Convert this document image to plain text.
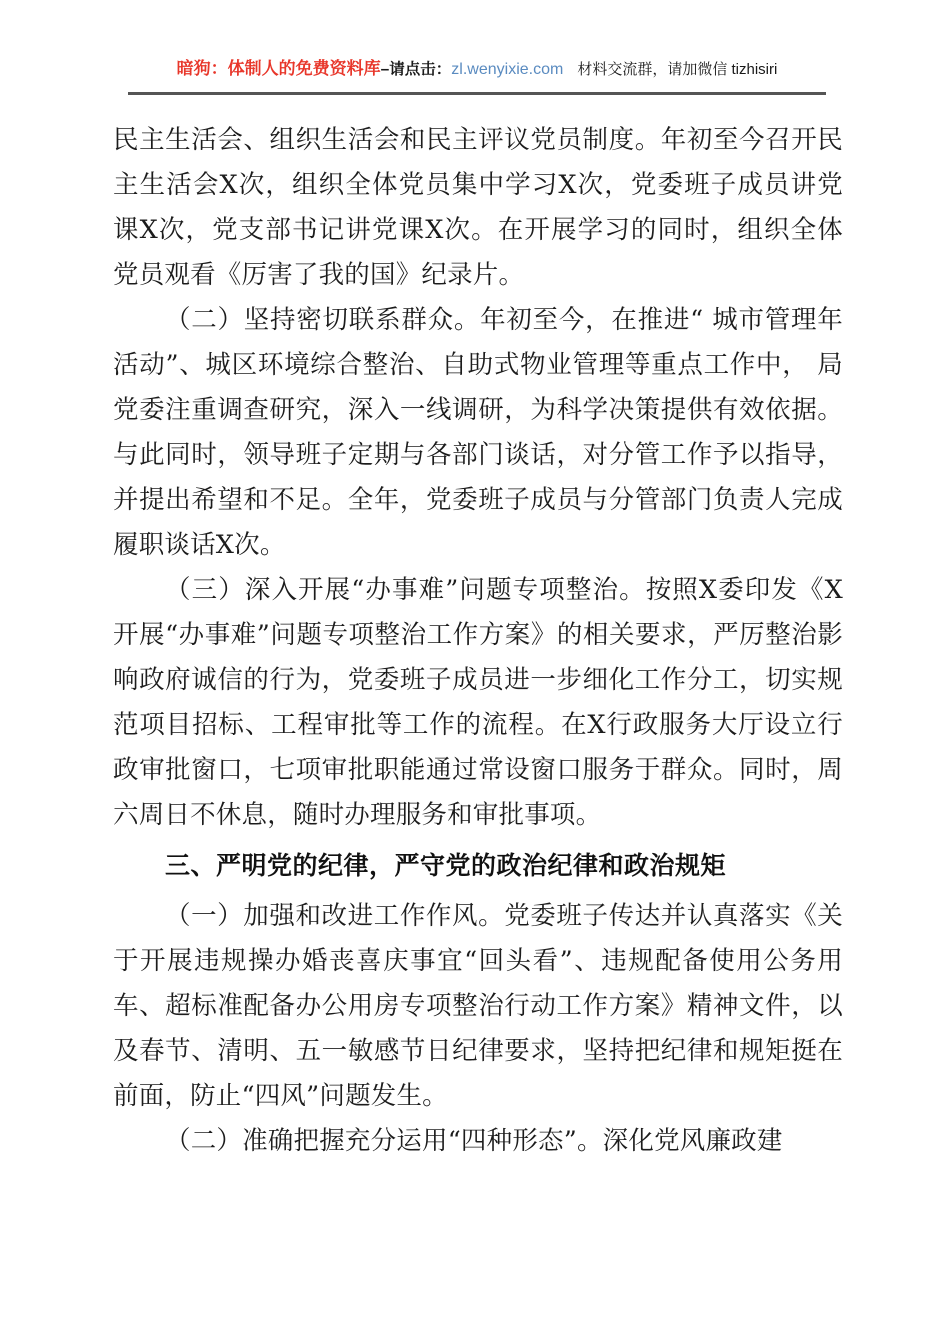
暗狗：体制人的免费资料库–请点击：zl.wenyixie.com 材料交流群，请加微信 tizhisiri

民主生活会、组织生活会和民主评议党员制度。年初至今召开民主生活会X次，组织全体党员集中学习X次，党委班子成员讲党课X次，党支部书记讲党课X次。在开展学习的同时，组织全体党员观看《厉害了我的国》纪录片。

（二）坚持密切联系群众。年初至今，在推进“ 城市管理年活动”、城区环境综合整治、自助式物业管理等重点工作中， 局党委注重调查研究，深入一线调研，为科学决策提供有效依据。与此同时，领导班子定期与各部门谈话，对分管工作予以指导，并提出希望和不足。全年，党委班子成员与分管部门负责人完成履职谈话X次。

（三）深入开展“办事难”问题专项整治。按照X委印发《X开展“办事难”问题专项整治工作方案》的相关要求，严厉整治影响政府诚信的行为，党委班子成员进一步细化工作分工，切实规范项目招标、工程审批等工作的流程。在X行政服务大厅设立行政审批窗口，七项审批职能通过常设窗口服务于群众。同时，周六周日不休息，随时办理服务和审批事项。

三、严明党的纪律，严守党的政治纪律和政治规矩

（一）加强和改进工作作风。党委班子传达并认真落实《关于开展违规操办婚丧喜庆事宜“回头看”、违规配备使用公务用车、超标准配备办公用房专项整治行动工作方案》精神文件，以及春节、清明、五一敏感节日纪律要求，坚持把纪律和规矩挺在前面，防止“四风”问题发生。

（二）准确把握充分运用“四种形态”。深化党风廉政建
